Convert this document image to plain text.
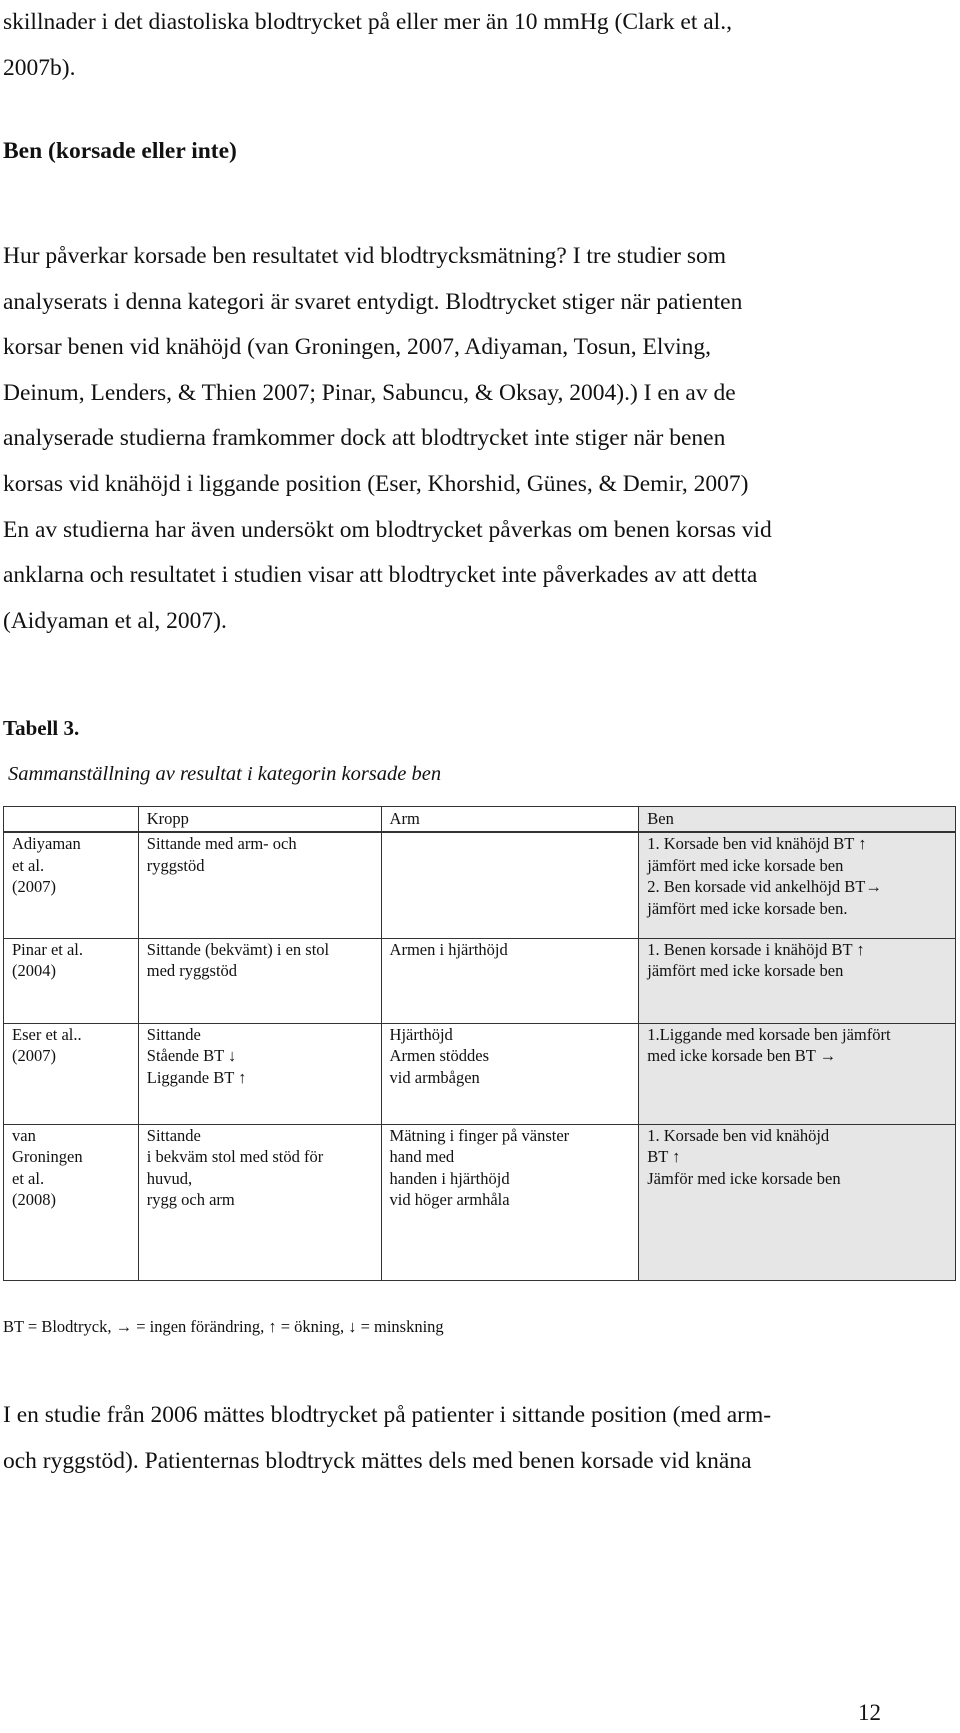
skillnader i det diastoliska blodtrycket på eller mer än 10 mmHg (Clark et al.,
2007b).
Ben (korsade eller inte)
Hur påverkar korsade ben resultatet vid blodtrycksmätning? I tre studier som
analyserats i denna kategori är svaret entydigt. Blodtrycket stiger när patienten
korsar benen vid knähöjd (van Groningen, 2007, Adiyaman, Tosun, Elving,
Deinum, Lenders, & Thien 2007; Pinar, Sabuncu, & Oksay, 2004).) I en av de
analyserade studierna framkommer dock att blodtrycket inte stiger när benen
korsas vid knähöjd i liggande position (Eser, Khorshid, Günes, & Demir, 2007)
En av studierna har även undersökt om blodtrycket påverkas om benen korsas vid
anklarna och resultatet i studien visar att blodtrycket inte påverkades av att detta
(Aidyaman et al, 2007).
Tabell 3.
Sammanställning av resultat i kategorin korsade ben
	Kropp	Arm	Ben

Adiyaman
et al.
(2007)	Sittande med arm- och
ryggstöd		1. Korsade ben vid knähöjd BT ↑
jämfört med icke korsade ben
2. Ben korsade vid ankelhöjd BT→
jämfört med icke korsade ben.

Pinar et al.
(2004)	Sittande (bekvämt) i en stol
med ryggstöd	Armen i hjärthöjd	1. Benen korsade i knähöjd BT ↑
jämfört med icke korsade ben

Eser et al..
(2007)	Sittande
Stående BT ↓
Liggande BT ↑	Hjärthöjd
Armen stöddes
vid armbågen	1.Liggande med korsade ben jämfört
med icke korsade ben BT →

van
Groningen
et al.
(2008)	Sittande
i bekväm stol med stöd för
huvud,
rygg och arm	Mätning i finger på vänster
hand med
handen i hjärthöjd
vid höger armhåla	1. Korsade ben vid knähöjd
BT ↑
Jämför med icke korsade ben
BT = Blodtryck, → = ingen förändring, ↑ = ökning, ↓ = minskning
I en studie från 2006 mättes blodtrycket på patienter i sittande position (med arm-
och ryggstöd). Patienternas blodtryck mättes dels med benen korsade vid knäna
12
